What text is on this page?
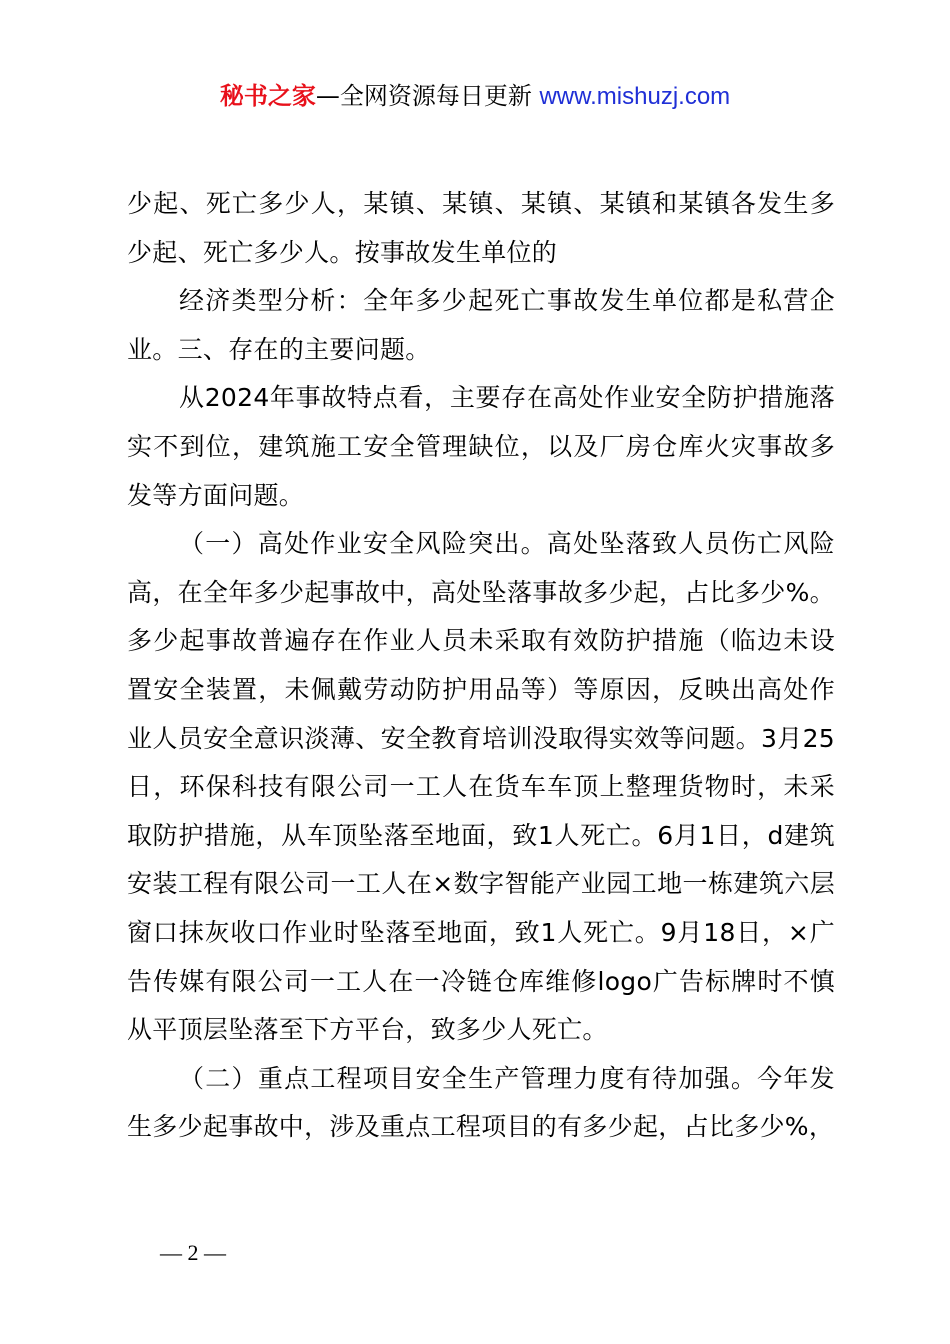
秘书之家—全网资源每日更新 www.mishuzj.com

少起、死亡多少人，某镇、某镇、某镇、某镇和某镇各发生多少起、死亡多少人。按事故发生单位的

经济类型分析：全年多少起死亡事故发生单位都是私营企业。三、存在的主要问题。

从2024年事故特点看，主要存在高处作业安全防护措施落实不到位，建筑施工安全管理缺位，以及厂房仓库火灾事故多发等方面问题。

（一）高处作业安全风险突出。高处坠落致人员伤亡风险高，在全年多少起事故中，高处坠落事故多少起，占比多少%。多少起事故普遍存在作业人员未采取有效防护措施（临边未设置安全装置，未佩戴劳动防护用品等）等原因，反映出高处作业人员安全意识淡薄、安全教育培训没取得实效等问题。3月25日，环保科技有限公司一工人在货车车顶上整理货物时，未采取防护措施，从车顶坠落至地面，致1人死亡。6月1日，d建筑安装工程有限公司一工人在×数字智能产业园工地一栋建筑六层窗口抹灰收口作业时坠落至地面，致1人死亡。9月18日，×广告传媒有限公司一工人在一冷链仓库维修logo广告标牌时不慎从平顶层坠落至下方平台，致多少人死亡。

（二）重点工程项目安全生产管理力度有待加强。今年发生多少起事故中，涉及重点工程项目的有多少起，占比多少%，

— 2 —
